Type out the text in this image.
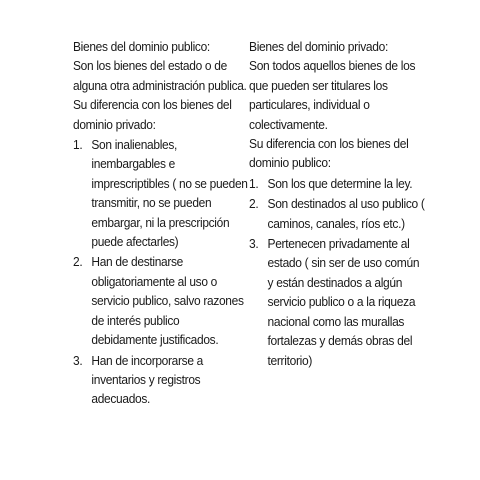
Bienes del dominio publico:

Son los bienes del estado o de alguna otra administración publica.

Su diferencia con los bienes del dominio privado:

1. Son inalienables, inembargables e imprescriptibles ( no se pueden transmitir, no se pueden embargar, ni la prescripción puede afectarles)
2. Han de destinarse obligatoriamente al uso o servicio publico, salvo razones de interés publico debidamente justificados.
3. Han de incorporarse a inventarios y registros adecuados.

Bienes del dominio privado:

Son todos aquellos bienes de los que pueden ser titulares los particulares, individual o colectivamente.

Su diferencia con los bienes del dominio publico:

1. Son los que determine la ley.
2. Son destinados al uso publico ( caminos, canales, ríos etc.)
3. Pertenecen privadamente al estado ( sin ser de uso común y están destinados a algún servicio publico o a la riqueza nacional como las murallas fortalezas y demás obras del territorio)
